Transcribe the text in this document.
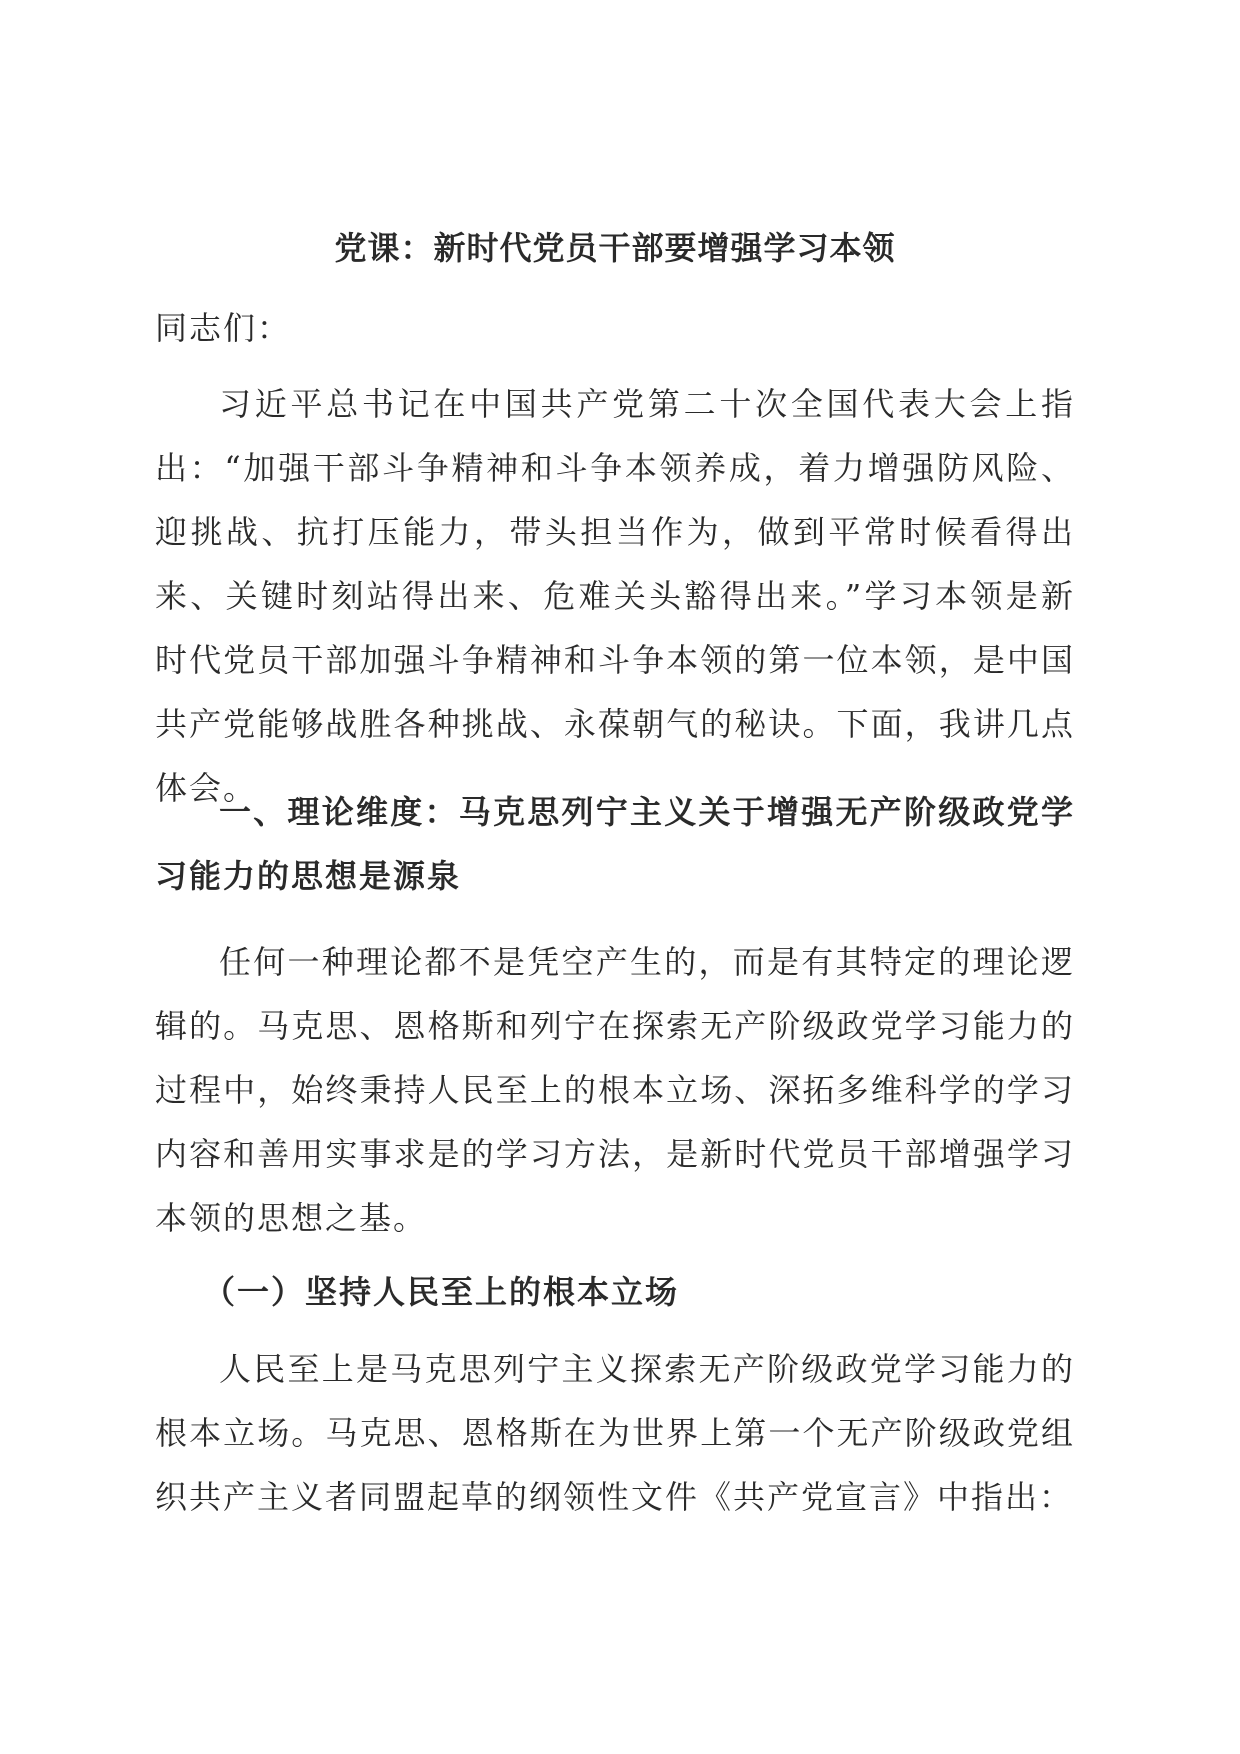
党课：新时代党员干部要增强学习本领
同志们：
习近平总书记在中国共产党第二十次全国代表大会上指出：“加强干部斗争精神和斗争本领养成，着力增强防风险、迎挑战、抗打压能力，带头担当作为，做到平常时候看得出来、关键时刻站得出来、危难关头豁得出来。”学习本领是新时代党员干部加强斗争精神和斗争本领的第一位本领，是中国共产党能够战胜各种挑战、永葆朝气的秘诀。下面，我讲几点体会。
一、理论维度：马克思列宁主义关于增强无产阶级政党学习能力的思想是源泉
任何一种理论都不是凭空产生的，而是有其特定的理论逻辑的。马克思、恩格斯和列宁在探索无产阶级政党学习能力的过程中，始终秉持人民至上的根本立场、深拓多维科学的学习内容和善用实事求是的学习方法，是新时代党员干部增强学习本领的思想之基。
（一）坚持人民至上的根本立场
人民至上是马克思列宁主义探索无产阶级政党学习能力的根本立场。马克思、恩格斯在为世界上第一个无产阶级政党组织共产主义者同盟起草的纲领性文件《共产党宣言》中指出：
